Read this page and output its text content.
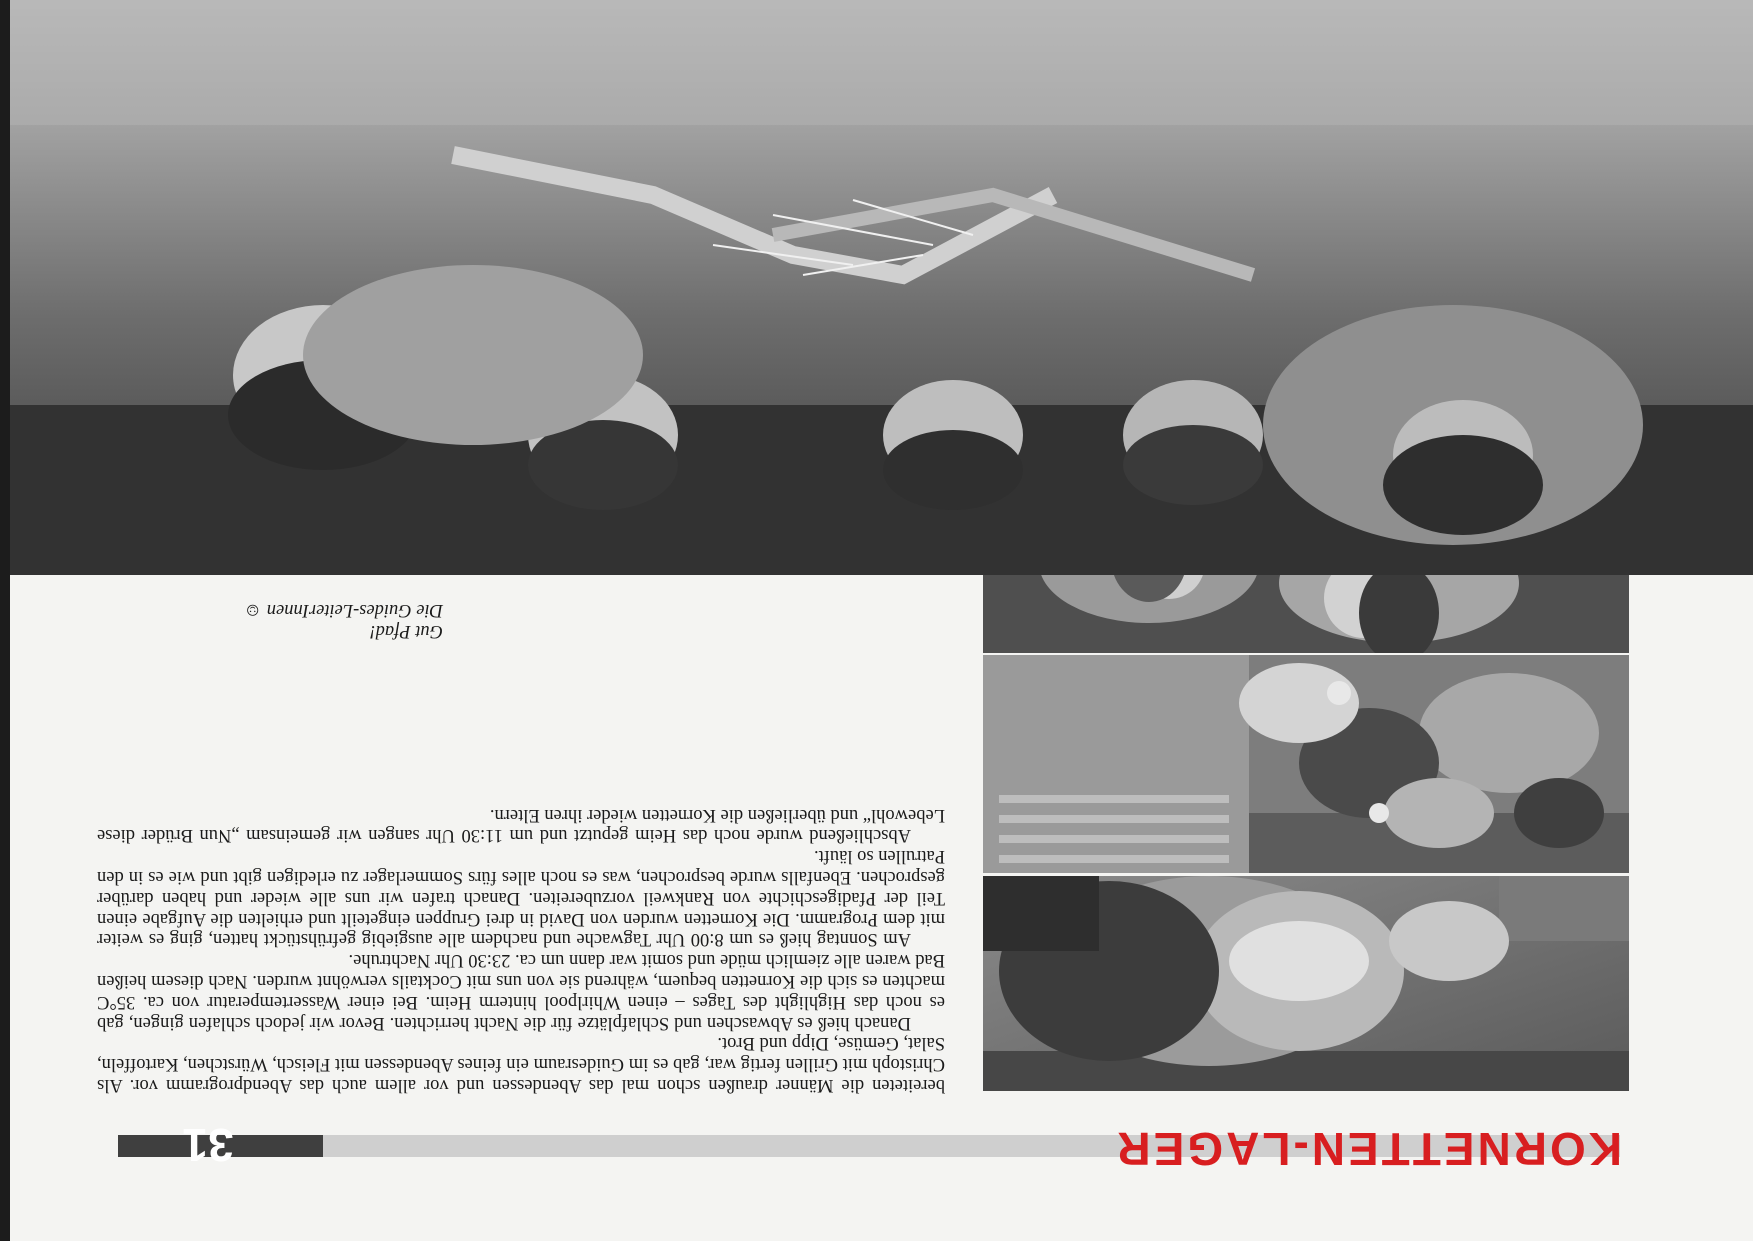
31	KORNETTEN-LAGER

bereiteten die Männer draußen schon mal das Abendessen und vor allem auch das Abendprogramm vor. Als Christoph mit Grillen fertig war, gab es im Guidesraum ein feines Abendessen mit Fleisch, Würstchen, Kartoffeln, Salat, Gemüse, Dipp und Brot.

Danach hieß es Abwaschen und Schlafplätze für die Nacht herrichten. Bevor wir jedoch schlafen gingen, gab es noch das Highlight des Tages – einen Whirlpool hinterm Heim. Bei einer Wassertemperatur von ca. 35°C machten es sich die Kornetten bequem, während sie von uns mit Cocktails verwöhnt wurden. Nach diesem heißen Bad waren alle ziemlich müde und somit war dann um ca. 23:30 Uhr Nachtruhe.

Am Sonntag hieß es um 8:00 Uhr Tagwache und nachdem alle ausgiebig gefrühstückt hatten, ging es weiter mit dem Programm. Die Kornetten wurden von David in drei Gruppen eingeteilt und erhielten die Aufgabe einen Teil der Pfadigeschichte von Rankweil vorzubereiten. Danach trafen wir uns alle wieder und haben darüber gesprochen. Ebenfalls wurde besprochen, was es noch alles fürs Sommerlager zu erledigen gibt und wie es in den Patrullen so läuft.

Abschließend wurde noch das Heim geputzt und um 11:30 Uhr sangen wir gemeinsam „Nun Brüder diese Lebewohl“ und überließen die Kornetten wieder ihren Eltern.

Gut Pfad!
Die Guides-LeiterInnen ☺
